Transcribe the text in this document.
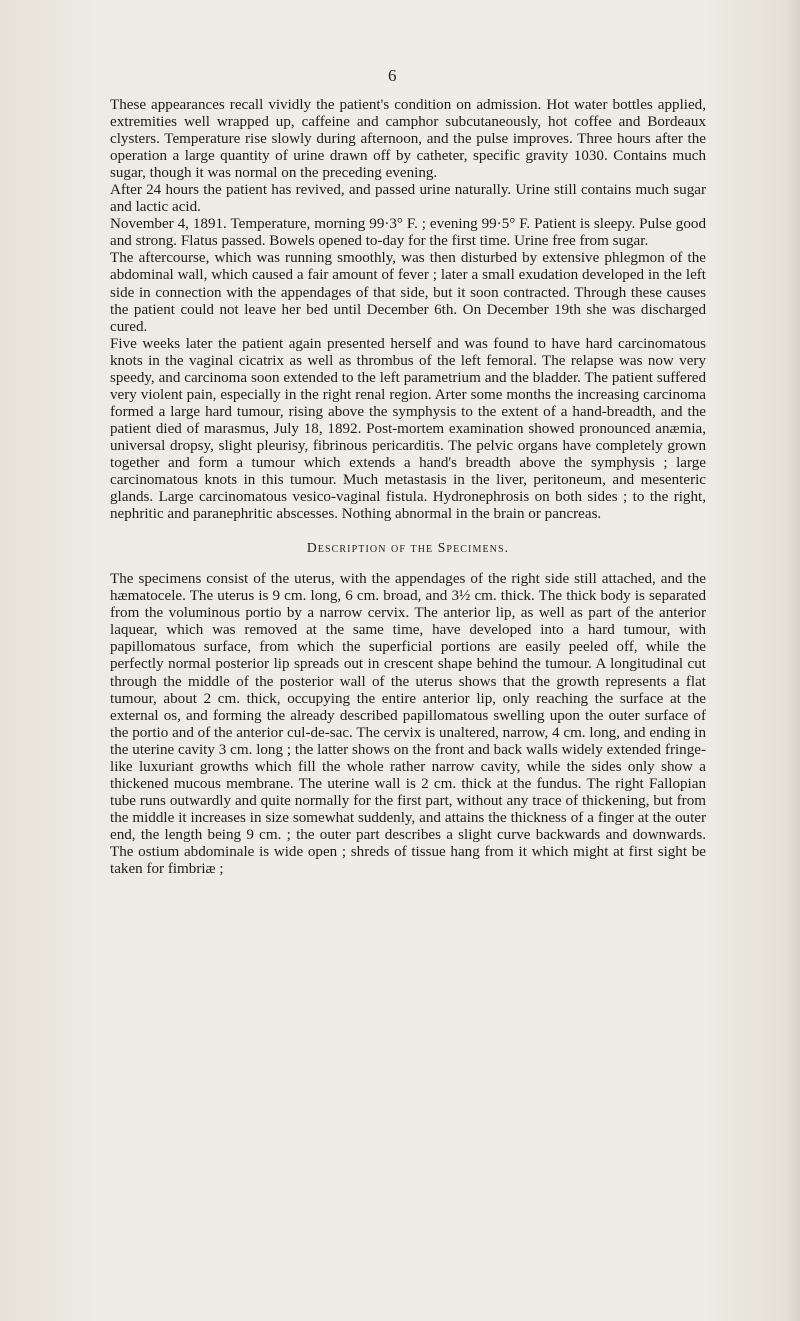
6

These appearances recall vividly the patient's condition on admission. Hot water bottles applied, extremities well wrapped up, caffeine and camphor subcutaneously, hot coffee and Bordeaux clysters. Temperature rise slowly during afternoon, and the pulse improves. Three hours after the operation a large quantity of urine drawn off by catheter, specific gravity 1030. Contains much sugar, though it was normal on the preceding evening.

After 24 hours the patient has revived, and passed urine naturally. Urine still contains much sugar and lactic acid.

November 4, 1891. Temperature, morning 99·3° F. ; evening 99·5° F. Patient is sleepy. Pulse good and strong. Flatus passed. Bowels opened to-day for the first time. Urine free from sugar.

The aftercourse, which was running smoothly, was then disturbed by extensive phlegmon of the abdominal wall, which caused a fair amount of fever ; later a small exudation developed in the left side in connection with the appendages of that side, but it soon contracted. Through these causes the patient could not leave her bed until December 6th. On December 19th she was discharged cured.

Five weeks later the patient again presented herself and was found to have hard carcinomatous knots in the vaginal cicatrix as well as thrombus of the left femoral. The relapse was now very speedy, and carcinoma soon extended to the left parametrium and the bladder. The patient suffered very violent pain, especially in the right renal region. Arter some months the increasing carcinoma formed a large hard tumour, rising above the symphysis to the extent of a hand-breadth, and the patient died of marasmus, July 18, 1892. Post-mortem examination showed pronounced anæmia, universal dropsy, slight pleurisy, fibrinous pericarditis. The pelvic organs have completely grown together and form a tumour which extends a hand's breadth above the symphysis ; large carcinomatous knots in this tumour. Much metastasis in the liver, peritoneum, and mesenteric glands. Large carcinomatous vesico-vaginal fistula. Hydronephrosis on both sides ; to the right, nephritic and paranephritic abscesses. Nothing abnormal in the brain or pancreas.

Description of the Specimens.

The specimens consist of the uterus, with the appendages of the right side still attached, and the hæmatocele. The uterus is 9 cm. long, 6 cm. broad, and 3½ cm. thick. The thick body is separated from the voluminous portio by a narrow cervix. The anterior lip, as well as part of the anterior laquear, which was removed at the same time, have developed into a hard tumour, with papillomatous surface, from which the superficial portions are easily peeled off, while the perfectly normal posterior lip spreads out in crescent shape behind the tumour. A longitudinal cut through the middle of the posterior wall of the uterus shows that the growth represents a flat tumour, about 2 cm. thick, occupying the entire anterior lip, only reaching the surface at the external os, and forming the already described papillomatous swelling upon the outer surface of the portio and of the anterior cul-de-sac. The cervix is unaltered, narrow, 4 cm. long, and ending in the uterine cavity 3 cm. long ; the latter shows on the front and back walls widely extended fringe-like luxuriant growths which fill the whole rather narrow cavity, while the sides only show a thickened mucous membrane. The uterine wall is 2 cm. thick at the fundus. The right Fallopian tube runs outwardly and quite normally for the first part, without any trace of thickening, but from the middle it increases in size somewhat suddenly, and attains the thickness of a finger at the outer end, the length being 9 cm. ; the outer part describes a slight curve backwards and downwards. The ostium abdominale is wide open ; shreds of tissue hang from it which might at first sight be taken for fimbriæ ;
